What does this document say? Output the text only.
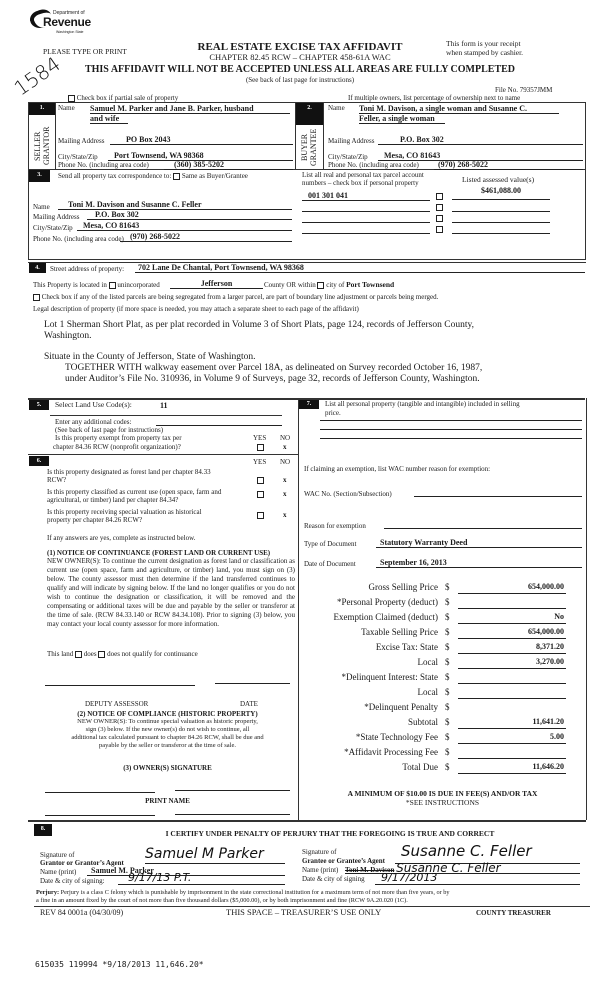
Department of
Revenue
Washington State
PLEASE TYPE OR PRINT
1584
REAL ESTATE EXCISE TAX AFFIDAVIT
CHAPTER 82.45 RCW – CHAPTER 458-61A WAC
THIS AFFIDAVIT WILL NOT BE ACCEPTED UNLESS ALL AREAS ARE FULLY COMPLETED
(See back of last page for instructions)
This form is your receipt
when stamped by cashier.
File No. 79357JMM
Check box if partial sale of property	If multiple owners, list percentage of ownership next to name
1.
SELLER
GRANTOR
Name Samuel M. Parker and Jane B. Parker, husband
and wife
Mailing Address	PO Box 2043
City/State/Zip	Port Townsend, WA 98368
Phone No. (including area code)	(360) 385-5202
2.
BUYER
GRANTEE
Name Toni M. Davison, a single woman and Susanne C.
Feller, a single woman
Mailing Address	P.O. Box 302
City/State/Zip	Mesa, CO 81643
Phone No. (including area code)	(970) 268-5022
3.	Send all property tax correspondence to: Same as Buyer/Grantee
Name	Toni M. Davison and Susanne C. Feller
Mailing Address	P.O. Box 302
City/State/Zip	Mesa, CO 81643
Phone No. (including area code) (970) 268-5022
List all real and personal tax parcel account
numbers – check box if personal property	Listed assessed value(s)
001 301 041
$461,088.00
4.	Street address of property:	702 Lane De Chantal, Port Townsend, WA 98368
This Property is located in unincorporated	Jefferson	County OR within city of Port Townsend
Check box if any of the listed parcels are being segregated from a larger parcel, are part of boundary line adjustment or parcels being merged.
Legal description of property (if more space is needed, you may attach a separate sheet to each page of the affidavit)
Lot 1 Sherman Short Plat, as per plat recorded in Volume 3 of Short Plats, page 124, records of Jefferson County,
Washington.
Situate in the County of Jefferson, State of Washington.
TOGETHER WITH walkway easement over Parcel 18A, as delineated on Survey recorded October 16, 1987,
under Auditor’s File No. 310936, in Volume 9 of Surveys, page 32, records of Jefferson County, Washington.
5.	Select Land Use Code(s):	11
Enter any additional codes:
(See back of last page for instructions)
Is this property exempt from property tax per
chapter 84.36 RCW (nonprofit organization)?
YES NO
x
6.	YES NO
Is this property designated as forest land per chapter 84.33
RCW?	x
Is this property classified as current use (open space, farm and
agricultural, or timber) land per chapter 84.34?
x
Is this property receiving special valuation as historical
property per chapter 84.26 RCW?
x
If any answers are yes, complete as instructed below.
(1) NOTICE OF CONTINUANCE (FOREST LAND OR CURRENT USE)
NEW OWNER(S): To continue the current designation as forest land or classification as current use (open space, farm and agriculture, or timber) land, you must sign on (3) below. The county assessor must then determine if the land transferred continues to qualify and will indicate by signing below. If the land no longer qualifies or you do not wish to continue the designation or classification, it will be removed and the compensating or additional taxes will be due and payable by the seller or transferor at the time of sale. (RCW 84.33.140 or RCW 84.34.108). Prior to signing (3) below, you may contact your local county assessor for more information.
This land does does not qualify for continuance
DEPUTY ASSESSOR	DATE
(2) NOTICE OF COMPLIANCE (HISTORIC PROPERTY)
NEW OWNER(S): To continue special valuation as historic property,
sign (3) below. If the new owner(s) do not wish to continue, all
additional tax calculated pursuant to chapter 84.26 RCW, shall be due and
payable by the seller or transferor at the time of sale.
(3) OWNER(S) SIGNATURE
PRINT NAME
7.	List all personal property (tangible and intangible) included in selling
price.
If claiming an exemption, list WAC number reason for exemption:
WAC No. (Section/Subsection)
Reason for exemption
Type of Document	Statutory Warranty Deed
Date of Document	September 16, 2013
Gross Selling Price $	654,000.00
*Personal Property (deduct) $
Exemption Claimed (deduct) $	No
Taxable Selling Price $	654,000.00
Excise Tax: State $	8,371.20
Local $	3,270.00
*Delinquent Interest: State $
Local $
*Delinquent Penalty $
Subtotal $	11,641.20
*State Technology Fee $	5.00
*Affidavit Processing Fee $
Total Due $	11,646.20
A MINIMUM OF $10.00 IS DUE IN FEE(S) AND/OR TAX
*SEE INSTRUCTIONS
8.	I CERTIFY UNDER PENALTY OF PERJURY THAT THE FOREGOING IS TRUE AND CORRECT
Signature of
Grantor or Grantor’s Agent
Samuel M Parker
Name (print)	Samuel M. Parker
Date & city of signing:	9/17/13 P.T.
Signature of
Grantee or Grantee’s Agent
Susanne C. Feller
Name (print) Toni M. Davison Susanne C. Feller
Date & city of signing	9/17/2013
Perjury: Perjury is a class C felony which is punishable by imprisonment in the state correctional institution for a maximum term of not more than five years, or by
a fine in an amount fixed by the court of not more than five thousand dollars ($5,000.00), or by both imprisonment and fine (RCW 9A.20.020 (1C).
REV 84 0001a (04/30/09)	THIS SPACE – TREASURER’S USE ONLY	COUNTY TREASURER
615035 119994 *9/18/2013 11,646.20*
